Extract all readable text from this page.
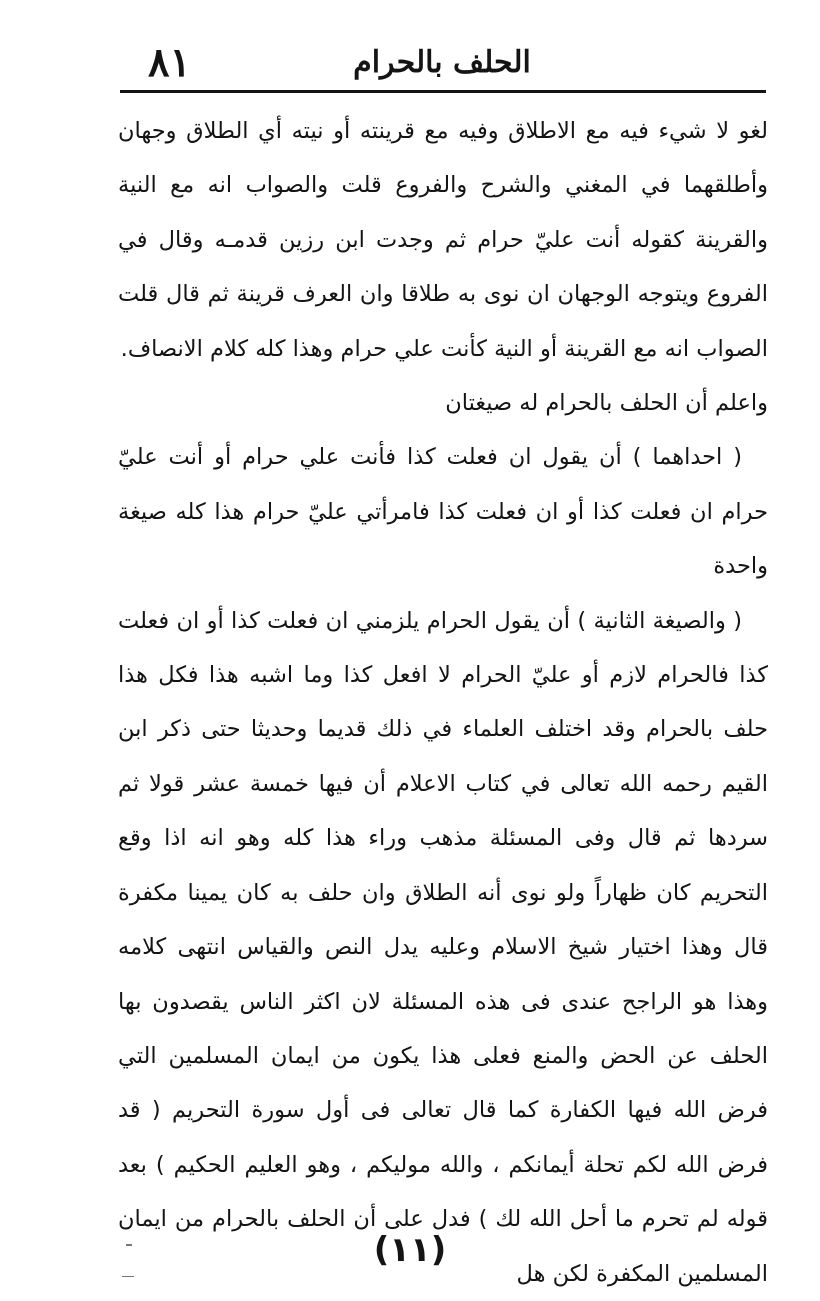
٨١	الحلف بالحرام

لغو لا شيء فيه مع الاطلاق وفيه مع قرينته أو نيته أي الطلاق وجهان وأطلقهما في المغني والشرح والفروع قلت والصواب انه مع النية والقرينة كقوله أنت عليّ حرام ثم وجدت ابن رزين قدمـه وقال في الفروع ويتوجه الوجهان ان نوى به طلاقا وان العرف قرينة ثم قال قلت الصواب انه مع القرينة أو النية كأنت علي حرام وهذا كله كلام الانصاف.

واعلم أن الحلف بالحرام له صيغتان

( احداهما ) أن يقول ان فعلت كذا فأنت علي حرام أو أنت عليّ حرام ان فعلت كذا أو ان فعلت كذا فامرأتي عليّ حرام هذا كله صيغة واحدة

( والصيغة الثانية ) أن يقول الحرام يلزمني ان فعلت كذا أو ان فعلت كذا فالحرام لازم أو عليّ الحرام لا افعل كذا وما اشبه هذا فكل هذا حلف بالحرام وقد اختلف العلماء في ذلك قديما وحديثا حتى ذكر ابن القيم رحمه الله تعالى في كتاب الاعلام أن فيها خمسة عشر قولا ثم سردها ثم قال وفى المسئلة مذهب وراء هذا كله وهو انه اذا وقع التحريم كان ظهاراً ولو نوى أنه الطلاق وان حلف به كان يمينا مكفرة قال وهذا اختيار شيخ الاسلام وعليه يدل النص والقياس انتهى كلامه وهذا هو الراجح عندى فى هذه المسئلة لان اكثر الناس يقصدون بها الحلف عن الحض والمنع فعلى هذا يكون من ايمان المسلمين التي فرض الله فيها الكفارة كما قال تعالى فى أول سورة التحريم ( قد فرض الله لكم تحلة أيمانكم ، والله موليكم ، وهو العليم الحكيم ) بعد قوله لم تحرم ما أحل الله لك ) فدل على أن الحلف بالحرام من ايمان المسلمين المكفرة لكن هل

(١١)
